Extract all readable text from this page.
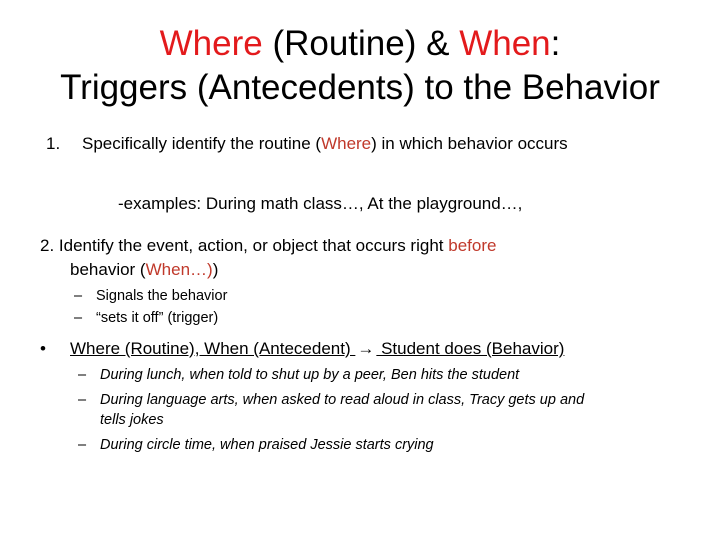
Where (Routine) & When:
Triggers (Antecedents) to the Behavior
1. Specifically identify the routine (Where) in which behavior occurs
-examples: During math class…, At the playground…,
2. Identify the event, action, or object that occurs right before
behavior (When…))
– Signals the behavior
– “sets it off” (trigger)
• Where (Routine), When (Antecedent) → Student does (Behavior)
– During lunch, when told to shut up by a peer, Ben hits the student
– During language arts, when asked to read aloud in class, Tracy gets up and
tells jokes
– During circle time, when praised Jessie starts crying
